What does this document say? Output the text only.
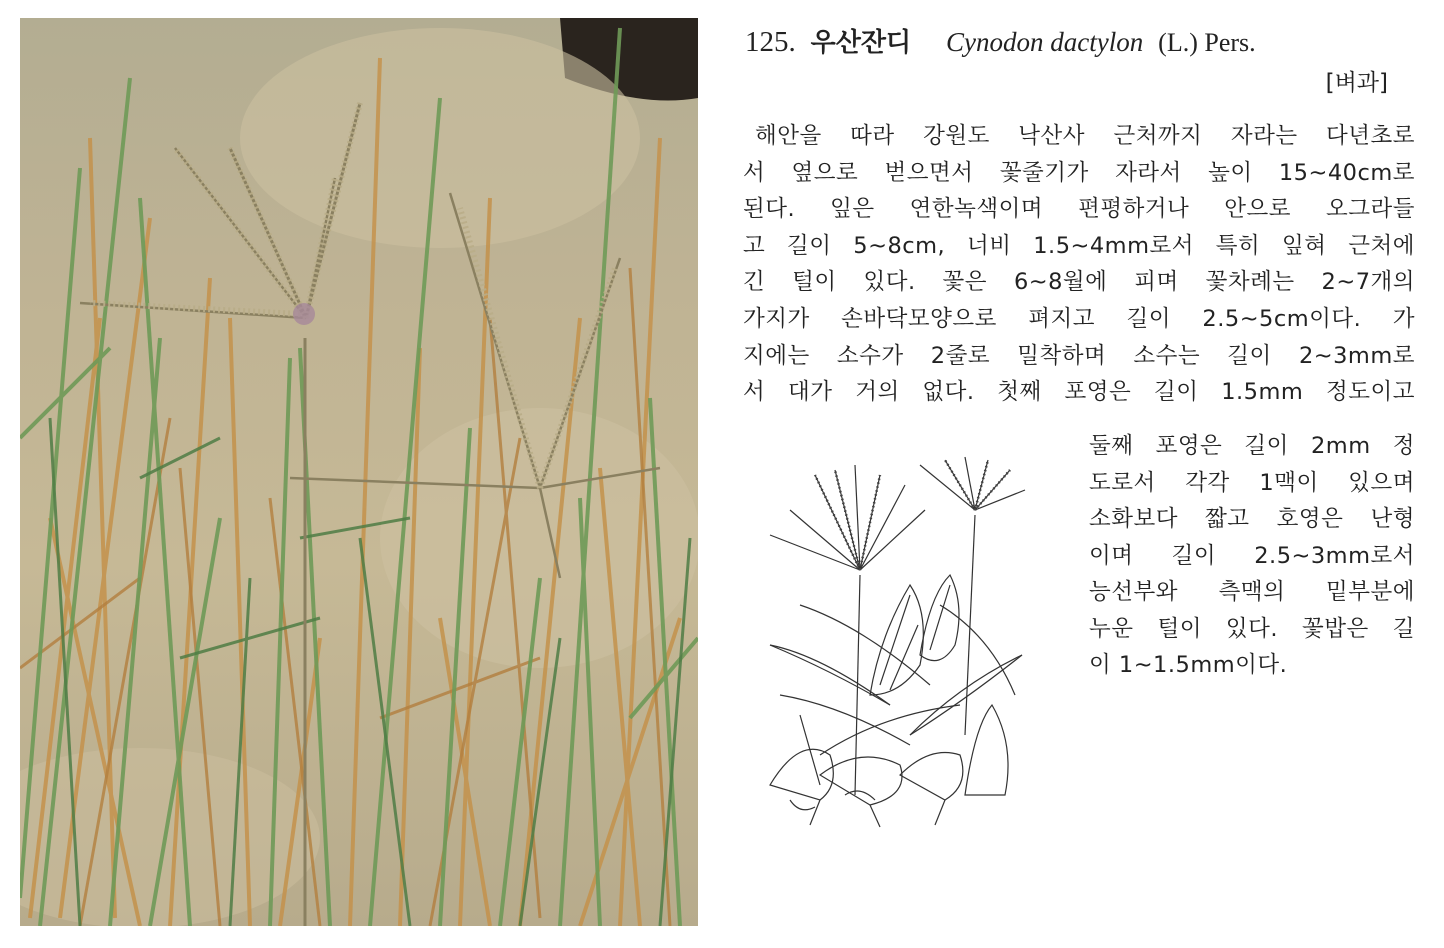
125. 우산잔디 Cynodon dactylon (L.) Pers.
[벼과]
해안을 따라 강원도 낙산사 근처까지 자라는 다년초로
서 옆으로 벋으면서 꽃줄기가 자라서 높이 15~40cm로
된다. 잎은 연한녹색이며 편평하거나 안으로 오그라들
고 길이 5~8cm, 너비 1.5~4mm로서 특히 잎혀 근처에
긴 털이 있다. 꽃은 6~8월에 피며 꽃차례는 2~7개의
가지가 손바닥모양으로 펴지고 길이 2.5~5cm이다. 가
지에는 소수가 2줄로 밀착하며 소수는 길이 2~3mm로
서 대가 거의 없다. 첫째 포영은 길이 1.5mm 정도이고
둘째 포영은 길이 2mm 정
도로서 각각 1맥이 있으며
소화보다 짧고 호영은 난형
이며 길이 2.5~3mm로서
능선부와 측맥의 밑부분에
누운 털이 있다. 꽃밥은 길
이 1~1.5mm이다.
